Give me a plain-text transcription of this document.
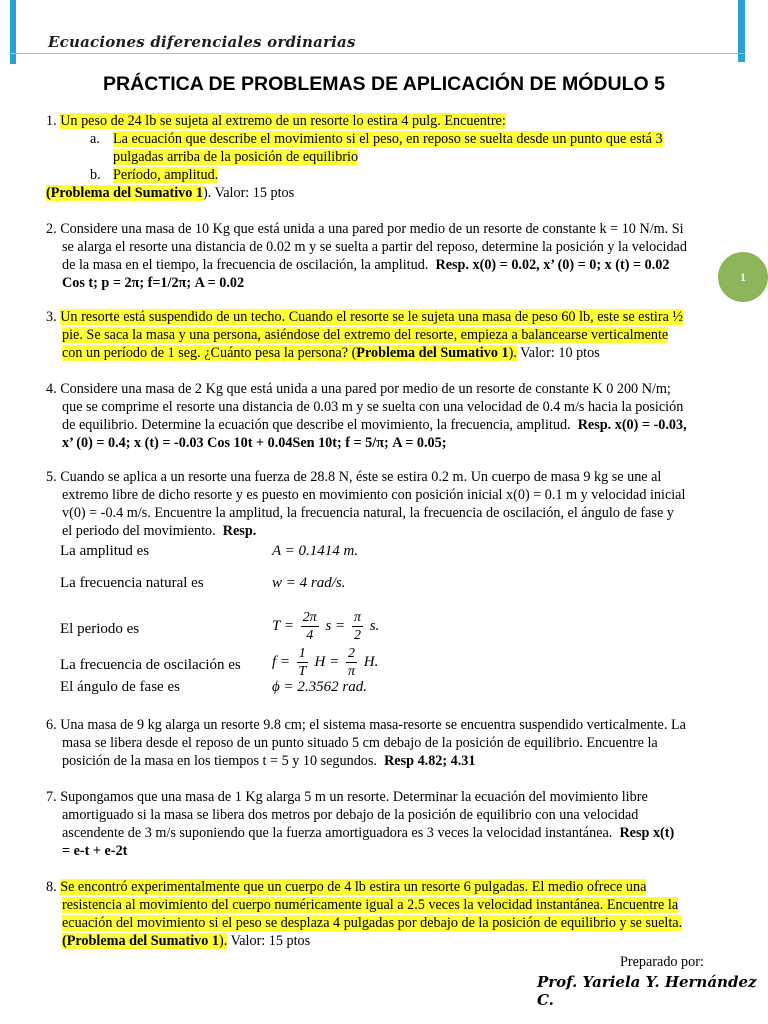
Ecuaciones diferenciales ordinarias
PRÁCTICA DE PROBLEMAS DE APLICACIÓN DE MÓDULO 5
1
1. Un peso de 24 lb se sujeta al extremo de un resorte lo estira 4 pulg. Encuentre:
a. La ecuación que describe el movimiento si el peso, en reposo se suelta desde un punto que está 3
pulgadas arriba de la posición de equilibrio
b. Período, amplitud.
(Problema del Sumativo 1). Valor: 15 ptos
2. Considere una masa de 10 Kg que está unida a una pared por medio de un resorte de constante k = 10 N/m. Si
se alarga el resorte una distancia de 0.02 m y se suelta a partir del reposo, determine la posición y la velocidad
de la masa en el tiempo, la frecuencia de oscilación, la amplitud. Resp. x(0) = 0.02, x’ (0) = 0; x (t) = 0.02
Cos t; p = 2π; f=1/2π; A = 0.02
3. Un resorte está suspendido de un techo. Cuando el resorte se le sujeta una masa de peso 60 lb, este se estira ½
pie. Se saca la masa y una persona, asiéndose del extremo del resorte, empieza a balancearse verticalmente
con un período de 1 seg. ¿Cuánto pesa la persona? (Problema del Sumativo 1). Valor: 10 ptos
4. Considere una masa de 2 Kg que está unida a una pared por medio de un resorte de constante K 0 200 N/m;
que se comprime el resorte una distancia de 0.03 m y se suelta con una velocidad de 0.4 m/s hacia la posición
de equilibrio. Determine la ecuación que describe el movimiento, la frecuencia, amplitud. Resp. x(0) = -0.03,
x’ (0) = 0.4; x (t) = -0.03 Cos 10t + 0.04Sen 10t; f = 5/π; A = 0.05;
5. Cuando se aplica a un resorte una fuerza de 28.8 N, éste se estira 0.2 m. Un cuerpo de masa 9 kg se une al
extremo libre de dicho resorte y es puesto en movimiento con posición inicial x(0) = 0.1 m y velocidad inicial
v(0) = -0.4 m/s. Encuentre la amplitud, la frecuencia natural, la frecuencia de oscilación, el ángulo de fase y
el periodo del movimiento. Resp.
La amplitud es	A = 0.1414 m.
La frecuencia natural es	w = 4 rad/s.
El periodo es	$T = \frac{2\pi}{4}$ $s = \frac{\pi}{2} s$.
La frecuencia de oscilación es $f = \frac{1}{T}$ $H = \frac{2}{\pi} H$.
El ángulo de fase es	ϕ = 2.3562 rad.
6. Una masa de 9 kg alarga un resorte 9.8 cm; el sistema masa-resorte se encuentra suspendido verticalmente. La
masa se libera desde el reposo de un punto situado 5 cm debajo de la posición de equilibrio. Encuentre la
posición de la masa en los tiempos t = 5 y 10 segundos. Resp 4.82; 4.31
7. Supongamos que una masa de 1 Kg alarga 5 m un resorte. Determinar la ecuación del movimiento libre
amortiguado si la masa se libera dos metros por debajo de la posición de equilibrio con una velocidad
ascendente de 3 m/s suponiendo que la fuerza amortiguadora es 3 veces la velocidad instantánea. Resp x(t)
= e-t + e-2t
8. Se encontró experimentalmente que un cuerpo de 4 lb estira un resorte 6 pulgadas. El medio ofrece una
resistencia al movimiento del cuerpo numéricamente igual a 2.5 veces la velocidad instantánea. Encuentre la
ecuación del movimiento si el peso se desplaza 4 pulgadas por debajo de la posición de equilibrio y se suelta.
(Problema del Sumativo 1). Valor: 15 ptos
Preparado por:
Prof. Yariela Y. Hernández C.
